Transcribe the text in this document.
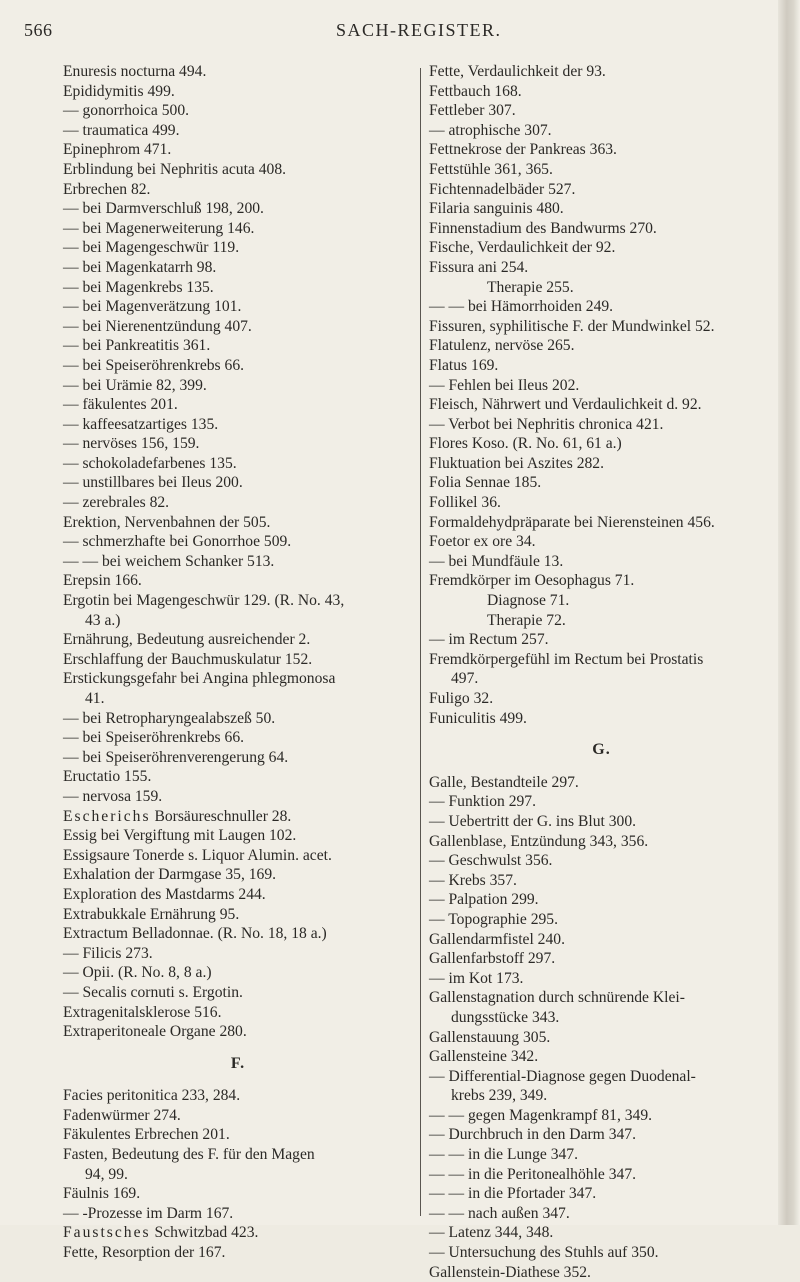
566	SACH-REGISTER.
Enuresis nocturna 494.
Epididymitis 499.
— gonorrhoica 500.
— traumatica 499.
Epinephrom 471.
Erblindung bei Nephritis acuta 408.
Erbrechen 82.
— bei Darmverschluß 198, 200.
— bei Magenerweiterung 146.
— bei Magengeschwür 119.
— bei Magenkatarrh 98.
— bei Magenkrebs 135.
— bei Magenverätzung 101.
— bei Nierenentzündung 407.
— bei Pankreatitis 361.
— bei Speiseröhrenkrebs 66.
— bei Urämie 82, 399.
— fäkulentes 201.
— kaffeesatzartiges 135.
— nervöses 156, 159.
— schokoladefarbenes 135.
— unstillbares bei Ileus 200.
— zerebrales 82.
Erektion, Nervenbahnen der 505.
— schmerzhafte bei Gonorrhoe 509.
— — bei weichem Schanker 513.
Erepsin 166.
Ergotin bei Magengeschwür 129. (R. No. 43,
43 a.)
Ernährung, Bedeutung ausreichender 2.
Erschlaffung der Bauchmuskulatur 152.
Erstickungsgefahr bei Angina phlegmonosa
41.
— bei Retropharyngealabszeß 50.
— bei Speiseröhrenkrebs 66.
— bei Speiseröhrenverengerung 64.
Eructatio 155.
— nervosa 159.
Escherichs Borsäureschnuller 28.
Essig bei Vergiftung mit Laugen 102.
Essigsaure Tonerde s. Liquor Alumin. acet.
Exhalation der Darmgase 35, 169.
Exploration des Mastdarms 244.
Extrabukkale Ernährung 95.
Extractum Belladonnae. (R. No. 18, 18 a.)
— Filicis 273.
— Opii. (R. No. 8, 8 a.)
— Secalis cornuti s. Ergotin.
Extragenitalsklerose 516.
Extraperitoneale Organe 280.
F.
Facies peritonitica 233, 284.
Fadenwürmer 274.
Fäkulentes Erbrechen 201.
Fasten, Bedeutung des F. für den Magen
94, 99.
Fäulnis 169.
— -Prozesse im Darm 167.
Faustsches Schwitzbad 423.
Fette, Resorption der 167.
Fette, Verdaulichkeit der 93.
Fettbauch 168.
Fettleber 307.
— atrophische 307.
Fettnekrose der Pankreas 363.
Fettstühle 361, 365.
Fichtennadelbäder 527.
Filaria sanguinis 480.
Finnenstadium des Bandwurms 270.
Fische, Verdaulichkeit der 92.
Fissura ani 254.
Therapie 255.
— — bei Hämorrhoiden 249.
Fissuren, syphilitische F. der Mundwinkel 52.
Flatulenz, nervöse 265.
Flatus 169.
— Fehlen bei Ileus 202.
Fleisch, Nährwert und Verdaulichkeit d. 92.
— Verbot bei Nephritis chronica 421.
Flores Koso. (R. No. 61, 61 a.)
Fluktuation bei Aszites 282.
Folia Sennae 185.
Follikel 36.
Formaldehydpräparate bei Nierensteinen 456.
Foetor ex ore 34.
— bei Mundfäule 13.
Fremdkörper im Oesophagus 71.
Diagnose 71.
Therapie 72.
— im Rectum 257.
Fremdkörpergefühl im Rectum bei Prostatis
497.
Fuligo 32.
Funiculitis 499.
G.
Galle, Bestandteile 297.
— Funktion 297.
— Uebertritt der G. ins Blut 300.
Gallenblase, Entzündung 343, 356.
— Geschwulst 356.
— Krebs 357.
— Palpation 299.
— Topographie 295.
Gallendarmfistel 240.
Gallenfarbstoff 297.
— im Kot 173.
Gallenstagnation durch schnürende Klei-
dungsstücke 343.
Gallenstauung 305.
Gallensteine 342.
— Differential-Diagnose gegen Duodenal-
krebs 239, 349.
— — gegen Magenkrampf 81, 349.
— Durchbruch in den Darm 347.
— — in die Lunge 347.
— — in die Peritonealhöhle 347.
— — in die Pfortader 347.
— — nach außen 347.
— Latenz 344, 348.
— Untersuchung des Stuhls auf 350.
Gallenstein-Diathese 352.
